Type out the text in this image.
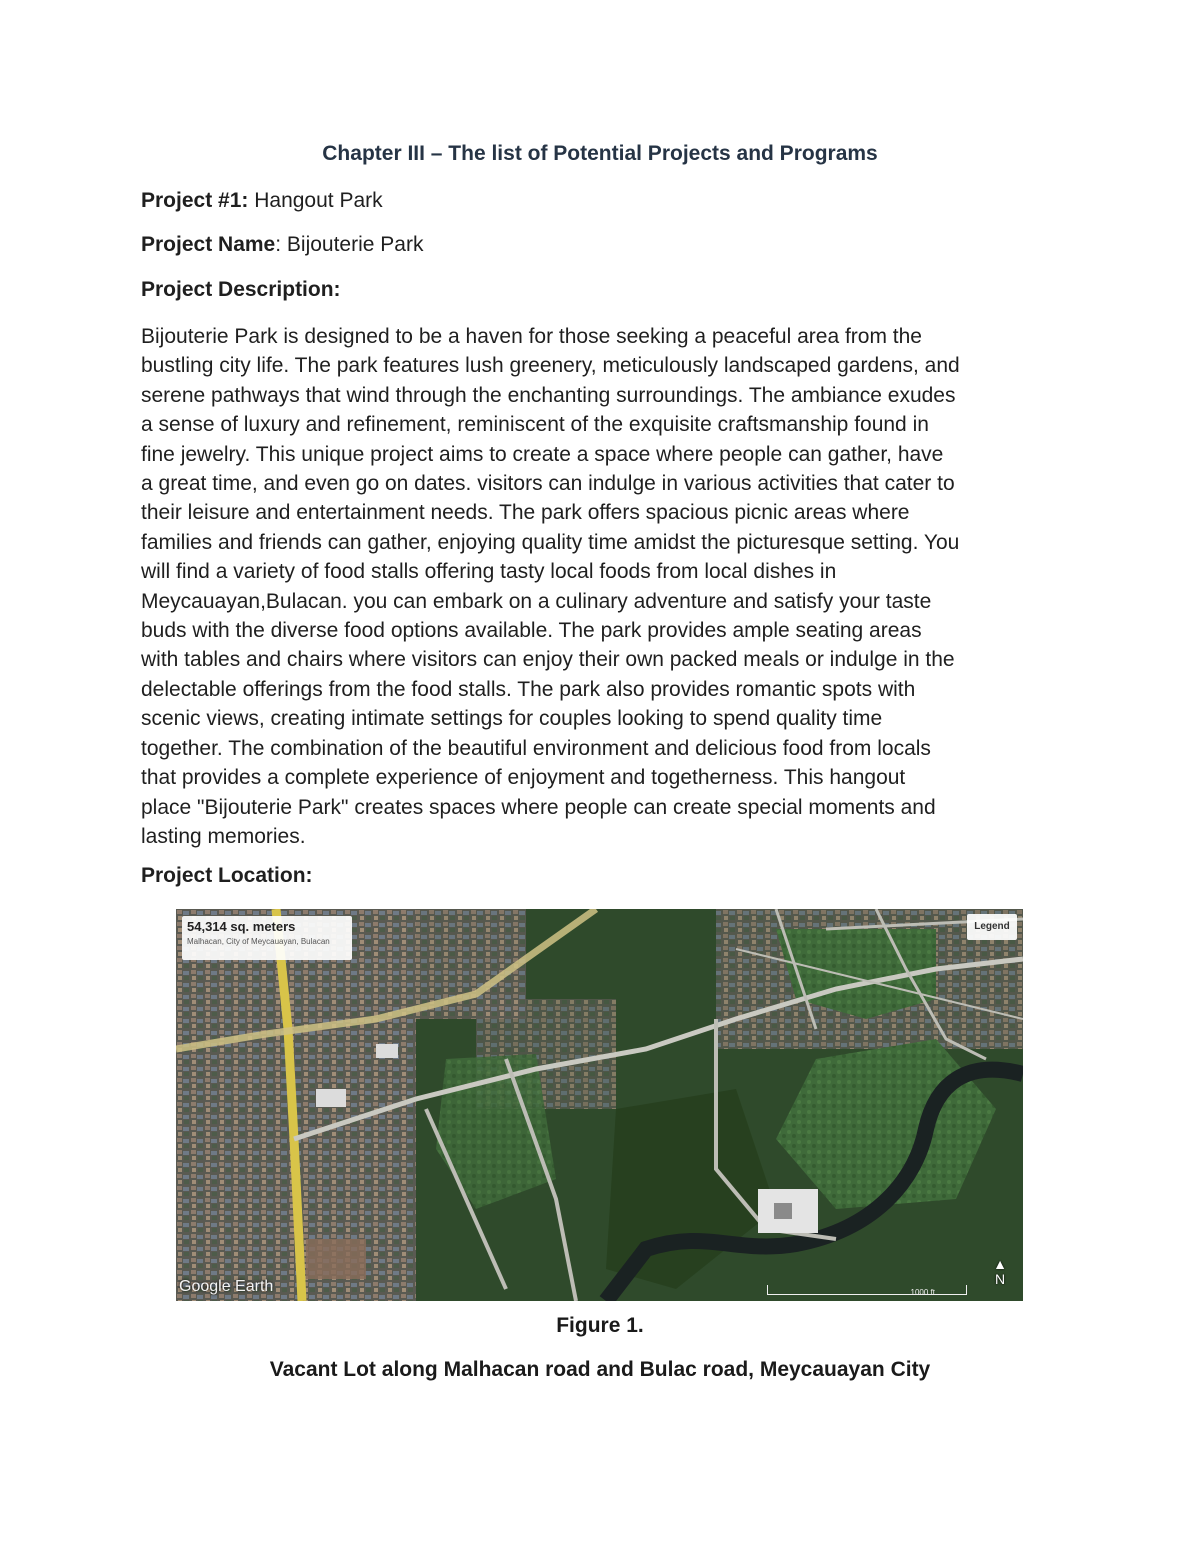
Chapter III – The list of Potential Projects and Programs
Project #1: Hangout Park
Project Name: Bijouterie Park
Project Description:
Bijouterie Park is designed to be a haven for those seeking a peaceful area from the
bustling city life. The park features lush greenery, meticulously landscaped gardens, and
serene pathways that wind through the enchanting surroundings. The ambiance exudes
a sense of luxury and refinement, reminiscent of the exquisite craftsmanship found in
fine jewelry. This unique project aims to create a space where people can gather, have
a great time, and even go on dates. visitors can indulge in various activities that cater to
their leisure and entertainment needs. The park offers spacious picnic areas where
families and friends can gather, enjoying quality time amidst the picturesque setting. You
will find a variety of food stalls offering tasty local foods from local dishes in
Meycauayan,Bulacan. you can embark on a culinary adventure and satisfy your taste
buds with the diverse food options available. The park provides ample seating areas
with tables and chairs where visitors can enjoy their own packed meals or indulge in the
delectable offerings from the food stalls. The park also provides romantic spots with
scenic views, creating intimate settings for couples looking to spend quality time
together. The combination of the beautiful environment and delicious food from locals
that provides a complete experience of enjoyment and togetherness. This hangout
place "Bijouterie Park" creates spaces where people can create special moments and
lasting memories.
Project Location:
54,314 sq. meters
Malhacan, City of Meycauayan, Bulacan
Legend
Google Earth
▲
N
1000 ft
Figure 1.
Vacant Lot along Malhacan road and Bulac road, Meycauayan City
